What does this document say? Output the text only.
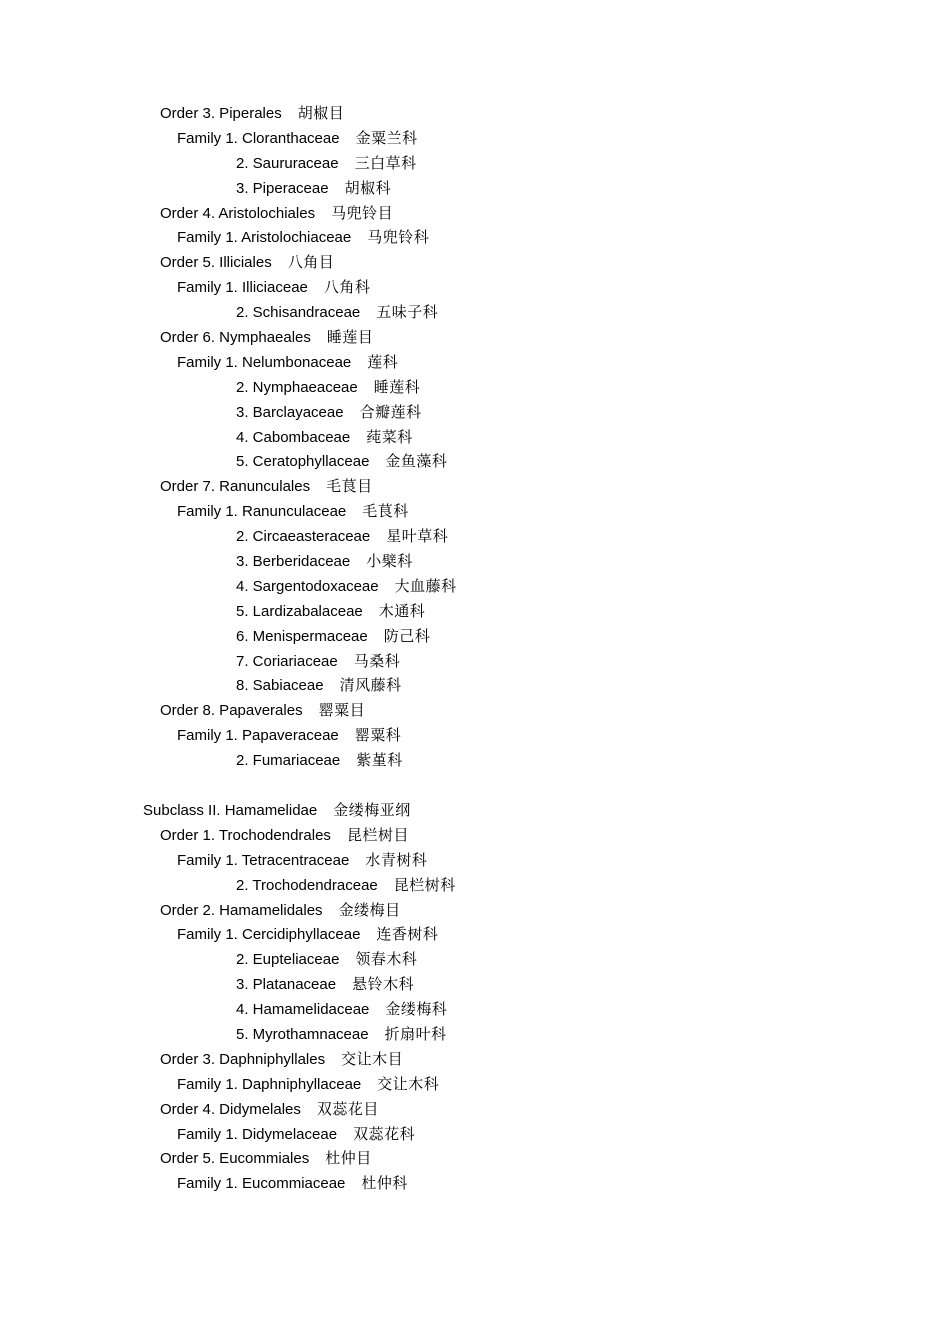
Order 3. Piperales 胡椒目
Family 1. Cloranthaceae 金粟兰科
2. Saururaceae 三白草科
3. Piperaceae 胡椒科
Order 4. Aristolochiales 马兜铃目
Family 1. Aristolochiaceae 马兜铃科
Order 5. Illiciales 八角目
Family 1. Illiciaceae 八角科
2. Schisandraceae 五味子科
Order 6. Nymphaeales 睡莲目
Family 1. Nelumbonaceae 莲科
2. Nymphaeaceae 睡莲科
3. Barclayaceae 合瓣莲科
4. Cabombaceae 莼菜科
5. Ceratophyllaceae 金鱼藻科
Order 7. Ranunculales 毛茛目
Family 1. Ranunculaceae 毛茛科
2. Circaeasteraceae 星叶草科
3. Berberidaceae 小檗科
4. Sargentodoxaceae 大血藤科
5. Lardizabalaceae 木通科
6. Menispermaceae 防己科
7. Coriariaceae 马桑科
8. Sabiaceae 清风藤科
Order 8. Papaverales 罂粟目
Family 1. Papaveraceae 罂粟科
2. Fumariaceae 紫堇科
Subclass II. Hamamelidae 金缕梅亚纲
Order 1. Trochodendrales 昆栏树目
Family 1. Tetracentraceae 水青树科
2. Trochodendraceae 昆栏树科
Order 2. Hamamelidales 金缕梅目
Family 1. Cercidiphyllaceae 连香树科
2. Eupteliaceae 领春木科
3. Platanaceae 悬铃木科
4. Hamamelidaceae 金缕梅科
5. Myrothamnaceae 折扇叶科
Order 3. Daphniphyllales 交让木目
Family 1. Daphniphyllaceae 交让木科
Order 4. Didymelales 双蕊花目
Family 1. Didymelaceae 双蕊花科
Order 5. Eucommiales 杜仲目
Family 1. Eucommiaceae 杜仲科
